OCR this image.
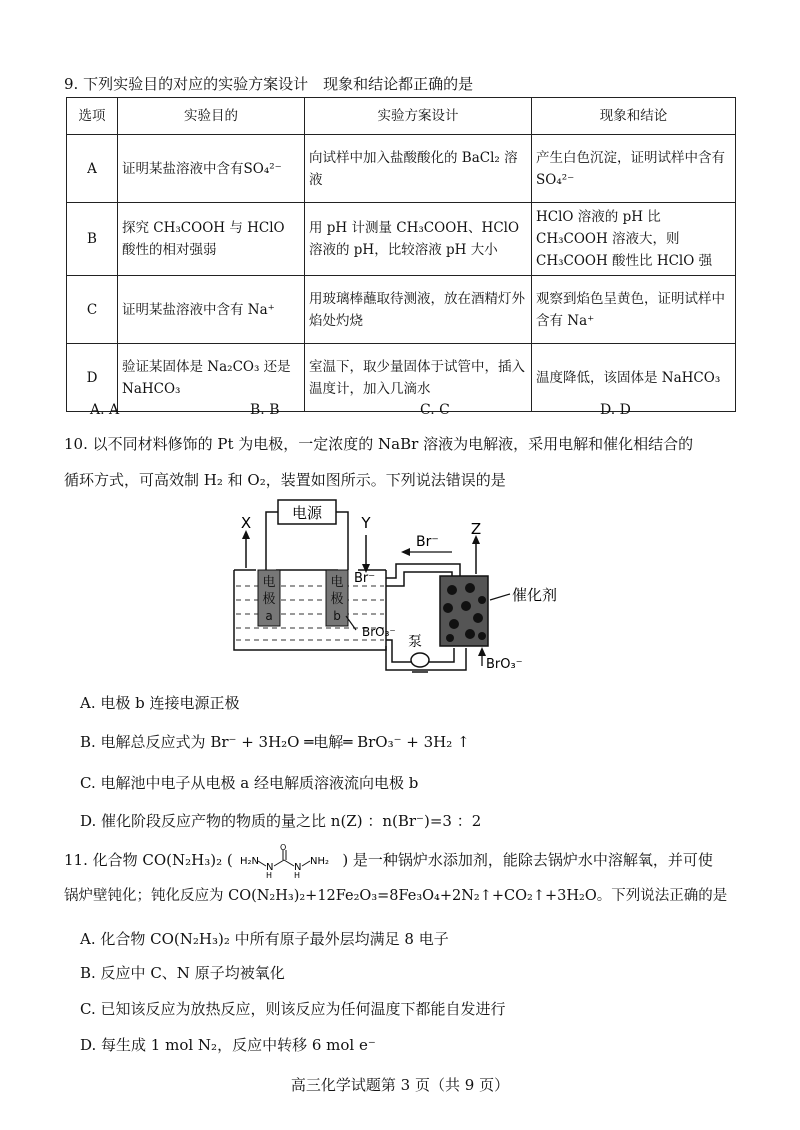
9. 下列实验目的对应的实验方案设计　现象和结论都正确的是
选项	实验目的	实验方案设计	现象和结论
A	证明某盐溶液中含有SO₄²⁻	向试样中加入盐酸酸化的 BaCl₂ 溶液	产生白色沉淀，证明试样中含有SO₄²⁻
B	探究 CH₃COOH 与 HClO 酸性的相对强弱	用 pH 计测量 CH₃COOH、HClO 溶液的 pH，比较溶液 pH 大小	HClO 溶液的 pH 比 CH₃COOH 溶液大，则 CH₃COOH 酸性比 HClO 强
C	证明某盐溶液中含有 Na⁺	用玻璃棒蘸取待测液，放在酒精灯外焰处灼烧	观察到焰色呈黄色，证明试样中含有 Na⁺
D	验证某固体是 Na₂CO₃ 还是 NaHCO₃	室温下，取少量固体于试管中，插入温度计，加入几滴水	温度降低，该固体是 NaHCO₃
A. A	B. B	C. C	D. D
10. 以不同材料修饰的 Pt 为电极，一定浓度的 NaBr 溶液为电解液，采用电解和催化相结合的
循环方式，可高效制 H₂ 和 O₂，装置如图所示。下列说法错误的是
电源
X	Y
电
极
a
电
极
b
Br⁻
BrO₃⁻
Br⁻
Z
催化剂
泵
BrO₃⁻
A. 电极 b 连接电源正极
B. 电解总反应式为 Br⁻ + 3H₂O ═电解═ BrO₃⁻ + 3H₂ ↑
C. 电解池中电子从电极 a 经电解质溶液流向电极 b
D. 催化阶段反应产物的物质的量之比 n(Z) ：n(Br⁻)=3 ：2
11. 化合物 CO(N₂H₃)₂ ( H₂N
N
H
O
N
H
NH₂ ) 是一种锅炉水添加剂，能除去锅炉水中溶解氧，并可使
锅炉壁钝化；钝化反应为 CO(N₂H₃)₂+12Fe₂O₃=8Fe₃O₄+2N₂↑+CO₂↑+3H₂O。下列说法正确的是
A. 化合物 CO(N₂H₃)₂ 中所有原子最外层均满足 8 电子
B. 反应中 C、N 原子均被氧化
C. 已知该反应为放热反应，则该反应为任何温度下都能自发进行
D. 每生成 1 mol N₂，反应中转移 6 mol e⁻
高三化学试题第 3 页（共 9 页）
